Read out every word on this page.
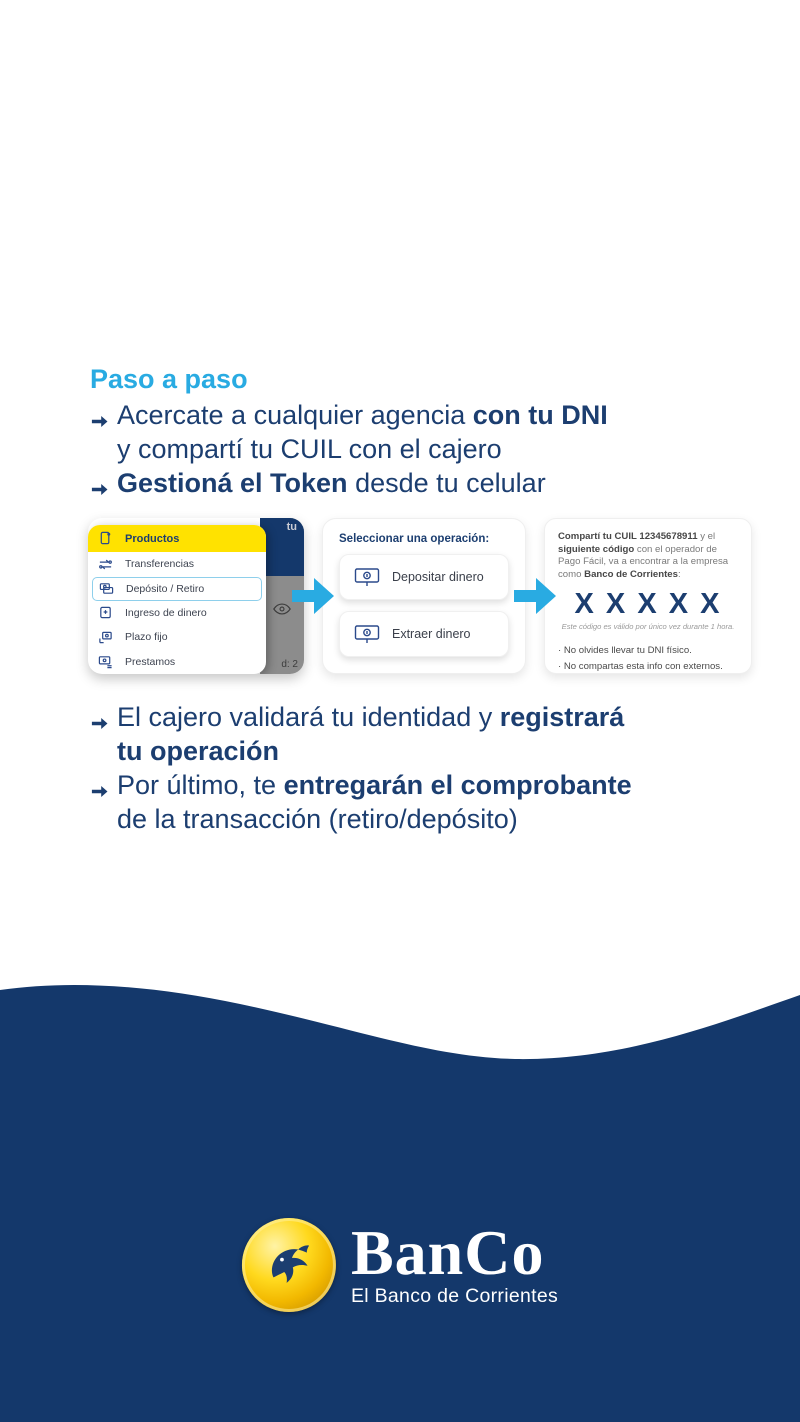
Paso a paso
Acercate a cualquier agencia con tu DNI
y compartí tu CUIL con el cajero
Gestioná el Token desde tu celular
d: 2
tu
Productos
Transferencias
Depósito / Retiro
Ingreso de dinero
Plazo fijo
Prestamos
Seleccionar una operación:
Depositar dinero
Extraer dinero
Compartí tu CUIL 12345678911 y el siguiente código con el operador de Pago Fácil, va a encontrar a la empresa como Banco de Corrientes:
X X X X X
Este código es válido por único vez durante 1 hora.
· No olvides llevar tu DNI físico.
· No compartas esta info con externos.
El cajero validará tu identidad y registrará
tu operación
Por último, te entregarán el comprobante
de la transacción (retiro/depósito)
BanCo
El Banco de Corrientes
